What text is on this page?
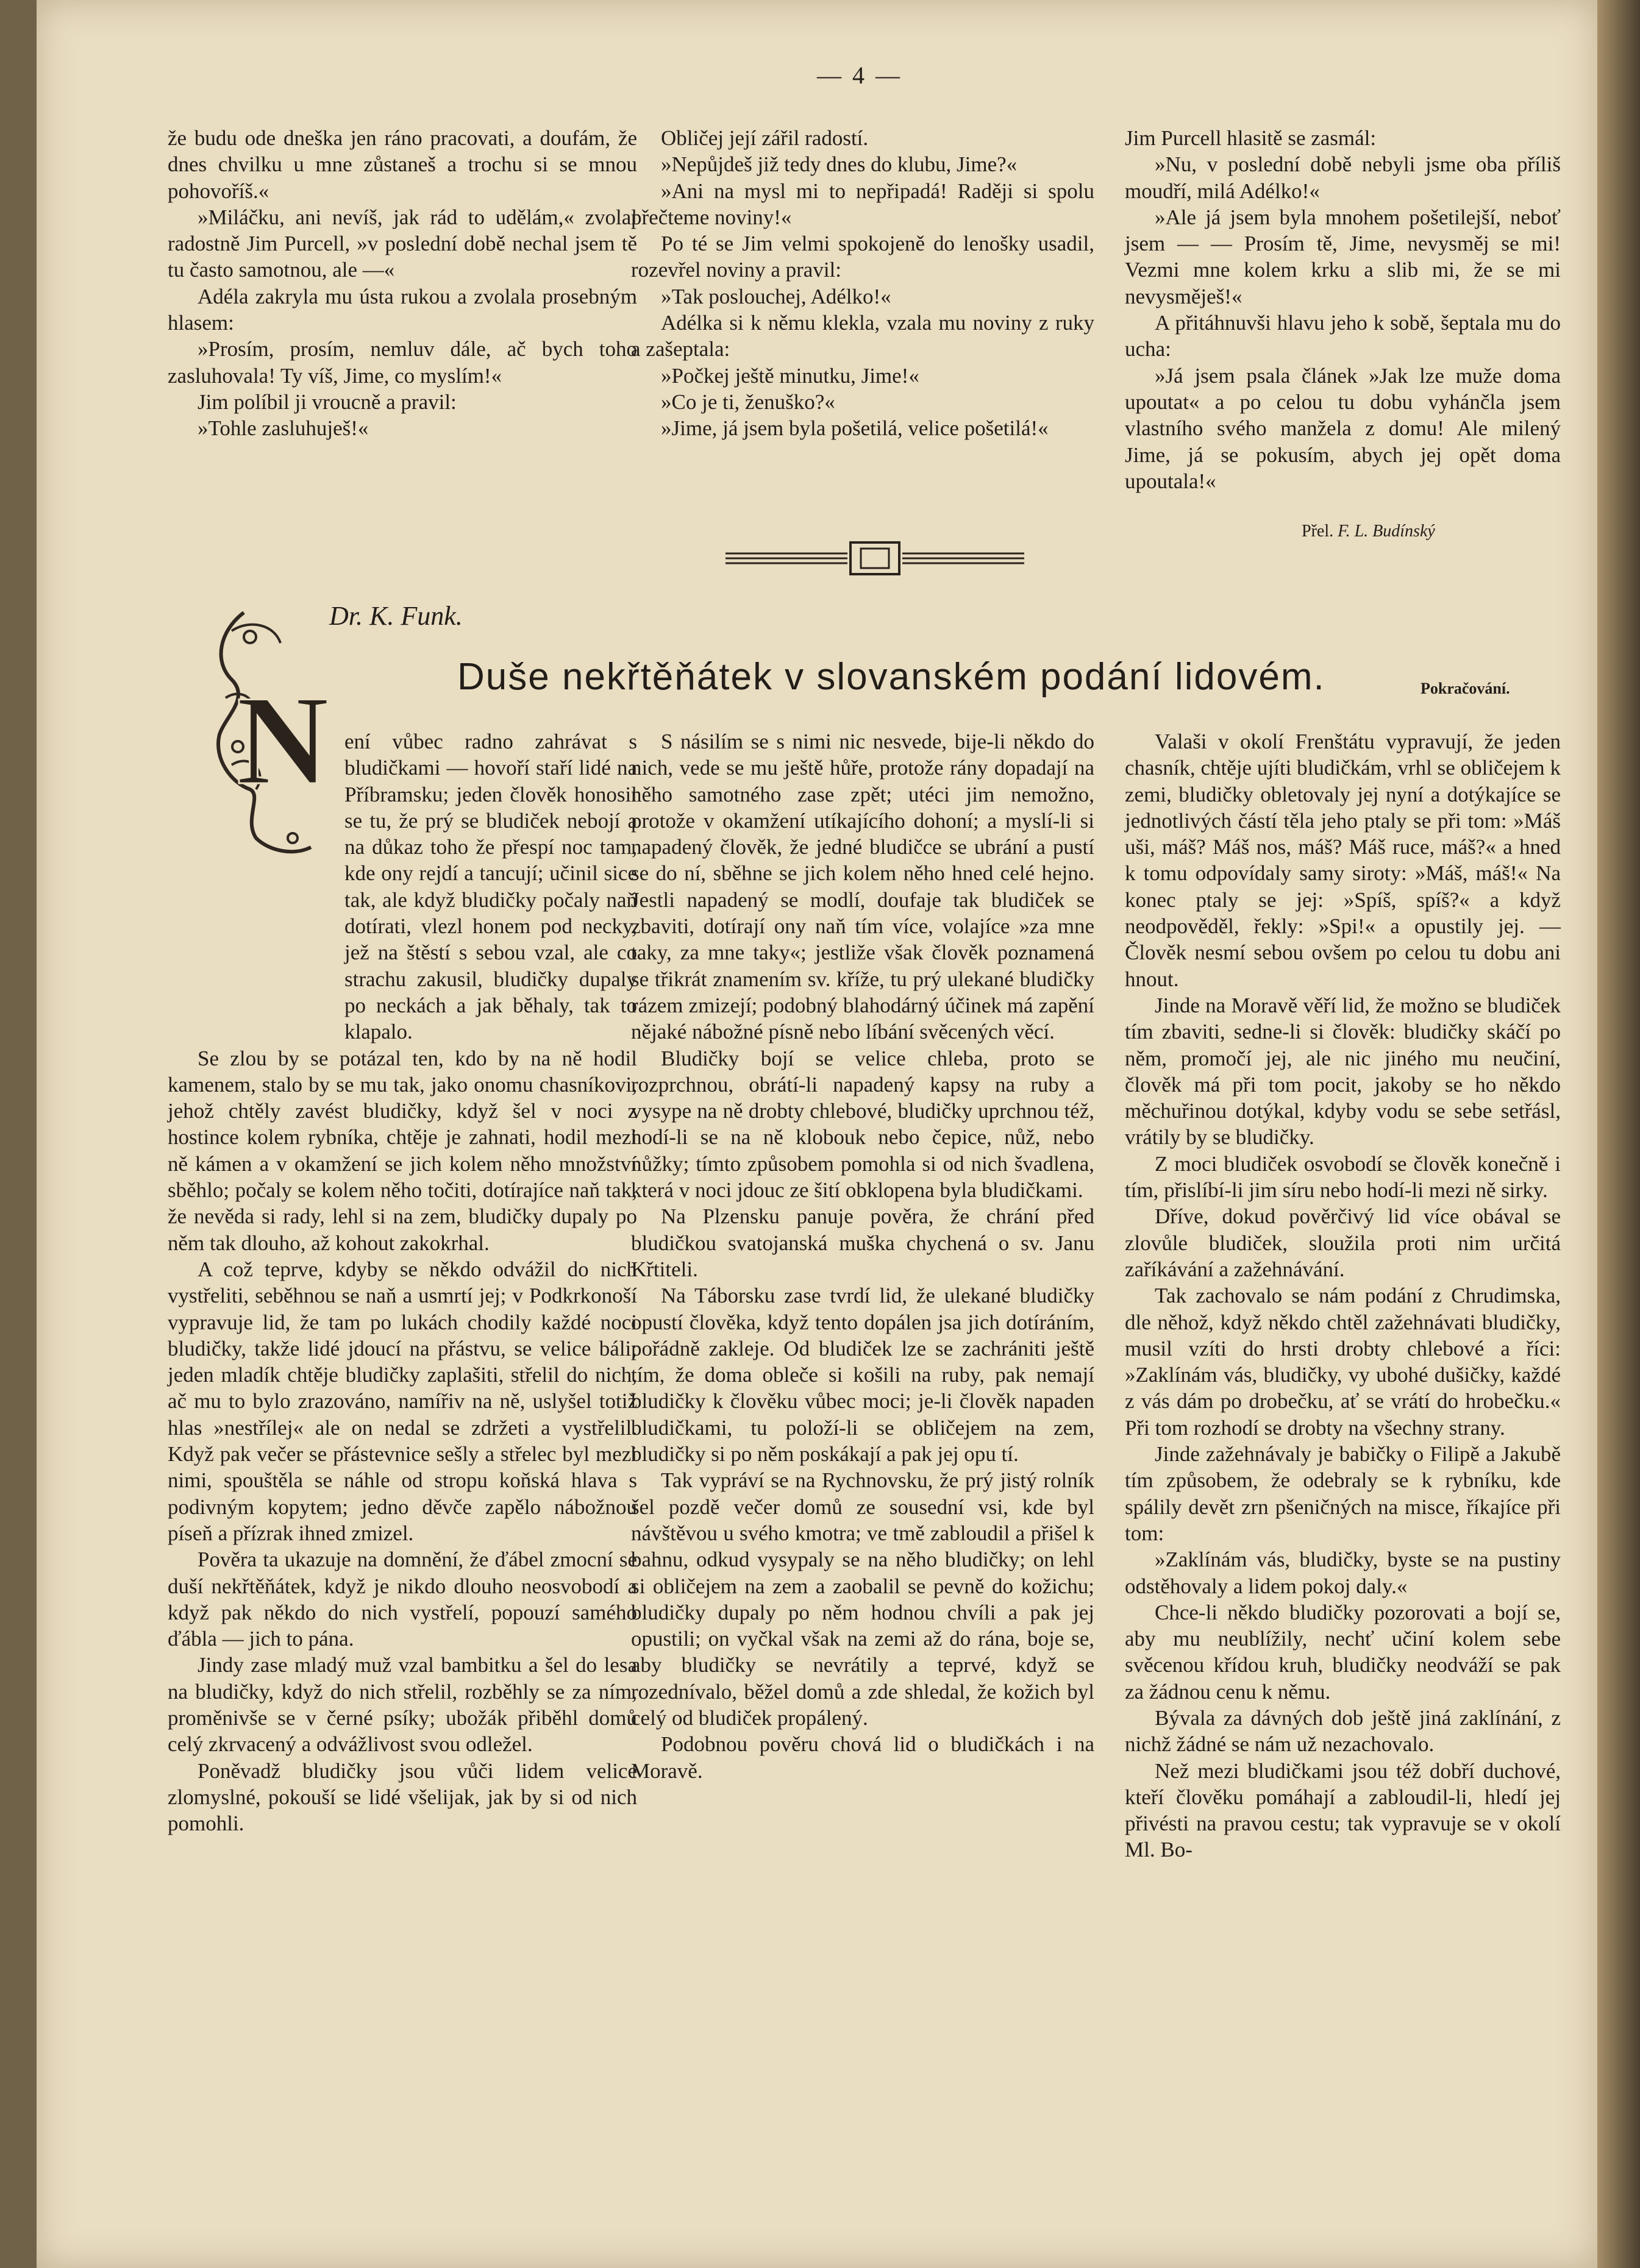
— 4 —

že budu ode dneška jen ráno pracovati, a doufám, že dnes chvilku u mne zůstaneš a trochu si se mnou pohovoříš.«

»Miláčku, ani nevíš, jak rád to udělám,« zvolal radostně Jim Purcell, »v poslední době nechal jsem tě tu často samotnou, ale —«

Adéla zakryla mu ústa rukou a zvolala prosebným hlasem:

»Prosím, prosím, nemluv dále, ač bych toho zasluhovala! Ty víš, Jime, co myslím!«

Jim políbil ji vroucně a pravil:

»Tohle zasluhuješ!«

Obličej její zářil radostí.

»Nepůjdeš již tedy dnes do klubu, Jime?«

»Ani na mysl mi to nepřipadá! Raději si spolu přečteme noviny!«

Po té se Jim velmi spokojeně do lenošky usadil, rozevřel noviny a pravil:

»Tak poslouchej, Adélko!«

Adélka si k němu klekla, vzala mu noviny z ruky a zašeptala:

»Počkej ještě minutku, Jime!«

»Co je ti, ženuško?«

»Jime, já jsem byla pošetilá, velice pošetilá!«

Jim Purcell hlasitě se zasmál:

»Nu, v poslední době nebyli jsme oba příliš moudří, milá Adélko!«

»Ale já jsem byla mnohem pošetilejší, neboť jsem — — Prosím tě, Jime, nevysměj se mi! Vezmi mne kolem krku a slib mi, že se mi nevysměješ!«

A přitáhnuvši hlavu jeho k sobě, šeptala mu do ucha:

»Já jsem psala článek »Jak lze muže doma upoutat« a po celou tu dobu vyhánčla jsem vlastního svého manžela z domu! Ale milený Jime, já se pokusím, abych jej opět doma upoutala!«

Přel. F. L. Budínský
Dr. K. Funk.
Duše nekřtěňátek v slovanském podání lidovém.	Pokračování.
N ení vůbec radno zahrávat s bludičkami — hovoří staří lidé na Příbramsku; jeden člověk honosil se tu, že prý se bludiček nebojí a na důkaz toho že přespí noc tam, kde ony rejdí a tancují; učinil sice tak, ale když bludičky počaly naň dotírati, vlezl honem pod necky, jež na štěstí s sebou vzal, ale co strachu zakusil, bludičky dupaly po neckách a jak běhaly, tak to klapalo.

Se zlou by se potázal ten, kdo by na ně hodil kamenem, stalo by se mu tak, jako onomu chasníkovi, jehož chtěly zavést bludičky, když šel v noci z hostince kolem rybníka, chtěje je zahnati, hodil mezi ně kámen a v okamžení se jich kolem něho množství sběhlo; počaly se kolem něho točiti, dotírajíce naň tak, že nevěda si rady, lehl si na zem, bludičky dupaly po něm tak dlouho, až kohout zakokrhal.

A což teprve, kdyby se někdo odvážil do nich vystřeliti, seběhnou se naň a usmrtí jej; v Podkrkonoší vypravuje lid, že tam po lukách chodily každé noci bludičky, takže lidé jdoucí na přástvu, se velice báli; jeden mladík chtěje bludičky zaplašiti, střelil do nich, ač mu to bylo zrazováno, namířiv na ně, uslyšel totiž hlas »nestřílej« ale on nedal se zdržeti a vystřelil. Když pak večer se přástevnice sešly a střelec byl mezi nimi, spouštěla se náhle od stropu koňská hlava s podivným kopytem; jedno děvče zapělo nábožnou píseň a přízrak ihned zmizel.

Pověra ta ukazuje na domnění, že ďábel zmocní se duší nekřtěňátek, když je nikdo dlouho neosvobodí a když pak někdo do nich vystřelí, popouzí samého ďábla — jich to pána.

Jindy zase mladý muž vzal bambitku a šel do lesa na bludičky, když do nich střelil, rozběhly se za ním, proměnivše se v černé psíky; ubožák přiběhl domů celý zkrvacený a odvážlivost svou odležel.

Poněvadž bludičky jsou vůči lidem velice zlomyslné, pokouší se lidé všelijak, jak by si od nich pomohli.

S násilím se s nimi nic nesvede, bije-li někdo do nich, vede se mu ještě hůře, protože rány dopadají na něho samotného zase zpět; utéci jim nemožno, protože v okamžení utíkajícího dohoní; a myslí-li si napadený člověk, že jedné bludičce se ubrání a pustí se do ní, sběhne se jich kolem něho hned celé hejno. Jestli napadený se modlí, doufaje tak bludiček se zbaviti, dotírají ony naň tím více, volajíce »za mne taky, za mne taky«; jestliže však člověk poznamená se třikrát znamením sv. kříže, tu prý ulekané bludičky rázem zmizejí; podobný blahodárný účinek má zapění nějaké nábožné písně nebo líbání svěcených věcí.

Bludičky bojí se velice chleba, proto se rozprchnou, obrátí-li napadený kapsy na ruby a vysype na ně drobty chlebové, bludičky uprchnou též, hodí-li se na ně klobouk nebo čepice, nůž, nebo nůžky; tímto způsobem pomohla si od nich švadlena, která v noci jdouc ze šití obklopena byla bludičkami.

Na Plzensku panuje pověra, že chrání před bludičkou svatojanská muška chychená o sv. Janu Křtiteli.

Na Táborsku zase tvrdí lid, že ulekané bludičky opustí člověka, když tento dopálen jsa jich dotíráním, pořádně zakleje. Od bludiček lze se zachrániti ještě tím, že doma obleče si košili na ruby, pak nemají bludičky k člověku vůbec moci; je-li člověk napaden bludičkami, tu položí-li se obličejem na zem, bludičky si po něm poskákají a pak jej opu tí.

Tak vypráví se na Rychnovsku, že prý jistý rolník šel pozdě večer domů ze sousední vsi, kde byl návštěvou u svého kmotra; ve tmě zabloudil a přišel k bahnu, odkud vysypaly se na něho bludičky; on lehl si obličejem na zem a zaobalil se pevně do kožichu; bludičky dupaly po něm hodnou chvíli a pak jej opustili; on vyčkal však na zemi až do rána, boje se, aby bludičky se nevrátily a teprvé, když se rozednívalo, běžel domů a zde shledal, že kožich byl celý od bludiček propálený.

Podobnou pověru chová lid o bludičkách i na Moravě.

Valaši v okolí Frenštátu vypravují, že jeden chasník, chtěje ujíti bludičkám, vrhl se obličejem k zemi, bludičky obletovaly jej nyní a dotýkajíce se jednotlivých částí těla jeho ptaly se při tom: »Máš uši, máš? Máš nos, máš? Máš ruce, máš?« a hned k tomu odpovídaly samy siroty: »Máš, máš!« Na konec ptaly se jej: »Spíš, spíš?« a když neodpověděl, řekly: »Spi!« a opustily jej. — Člověk nesmí sebou ovšem po celou tu dobu ani hnout.

Jinde na Moravě věří lid, že možno se bludiček tím zbaviti, sedne-li si člověk: bludičky skáčí po něm, promočí jej, ale nic jiného mu neučiní, člověk má při tom pocit, jakoby se ho někdo měchuřinou dotýkal, kdyby vodu se sebe setřásl, vrátily by se bludičky.

Z moci bludiček osvobodí se člověk konečně i tím, přislíbí-li jim síru nebo hodí-li mezi ně sirky.

Dříve, dokud pověrčivý lid více obával se zlovůle bludiček, sloužila proti nim určitá zaříkávání a zažehnávání.

Tak zachovalo se nám podání z Chrudimska, dle něhož, když někdo chtěl zažehnávati bludičky, musil vzíti do hrsti drobty chlebové a říci: »Zaklínám vás, bludičky, vy ubohé dušičky, každé z vás dám po drobečku, ať se vrátí do hrobečku.« Při tom rozhodí se drobty na všechny strany.

Jinde zažehnávaly je babičky o Filipě a Jakubě tím způsobem, že odebraly se k rybníku, kde spálily devět zrn pšeničných na misce, říkajíce při tom:

»Zaklínám vás, bludičky, byste se na pustiny odstěhovaly a lidem pokoj daly.«

Chce-li někdo bludičky pozorovati a bojí se, aby mu neublížily, nechť učiní kolem sebe svěcenou křídou kruh, bludičky neodváží se pak za žádnou cenu k němu.

Bývala za dávných dob ještě jiná zaklínání, z nichž žádné se nám už nezachovalo.

Než mezi bludičkami jsou též dobří duchové, kteří člověku pomáhají a zabloudil-li, hledí jej přivésti na pravou cestu; tak vypravuje se v okolí Ml. Bo-
